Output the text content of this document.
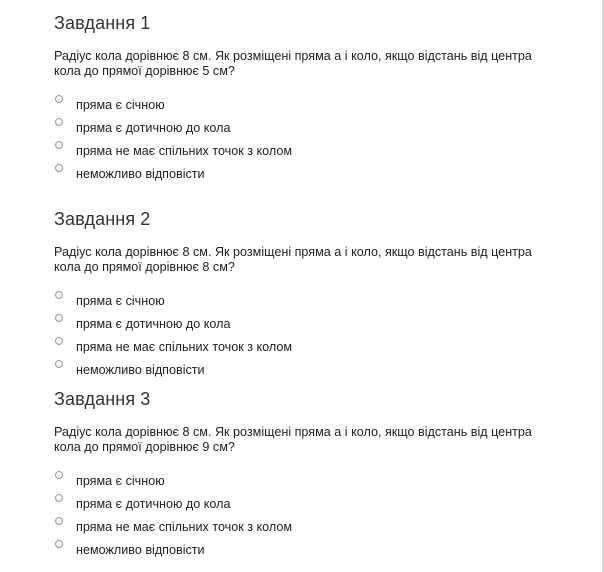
Завдання 1
Радіус кола дорівнює 8 см. Як розміщені пряма а і коло, якщо відстань від центра
кола до прямої дорівнює 5 см?
пряма є січною
пряма є дотичною до кола
пряма не має спільних точок з колом
неможливо відповісти
Завдання 2
Радіус кола дорівнює 8 см. Як розміщені пряма а і коло, якщо відстань від центра
кола до прямої дорівнює 8 см?
пряма є січною
пряма є дотичною до кола
пряма не має спільних точок з колом
неможливо відповісти
Завдання 3
Радіус кола дорівнює 8 см. Як розміщені пряма а і коло, якщо відстань від центра
кола до прямої дорівнює 9 см?
пряма є січною
пряма є дотичною до кола
пряма не має спільних точок з колом
неможливо відповісти
